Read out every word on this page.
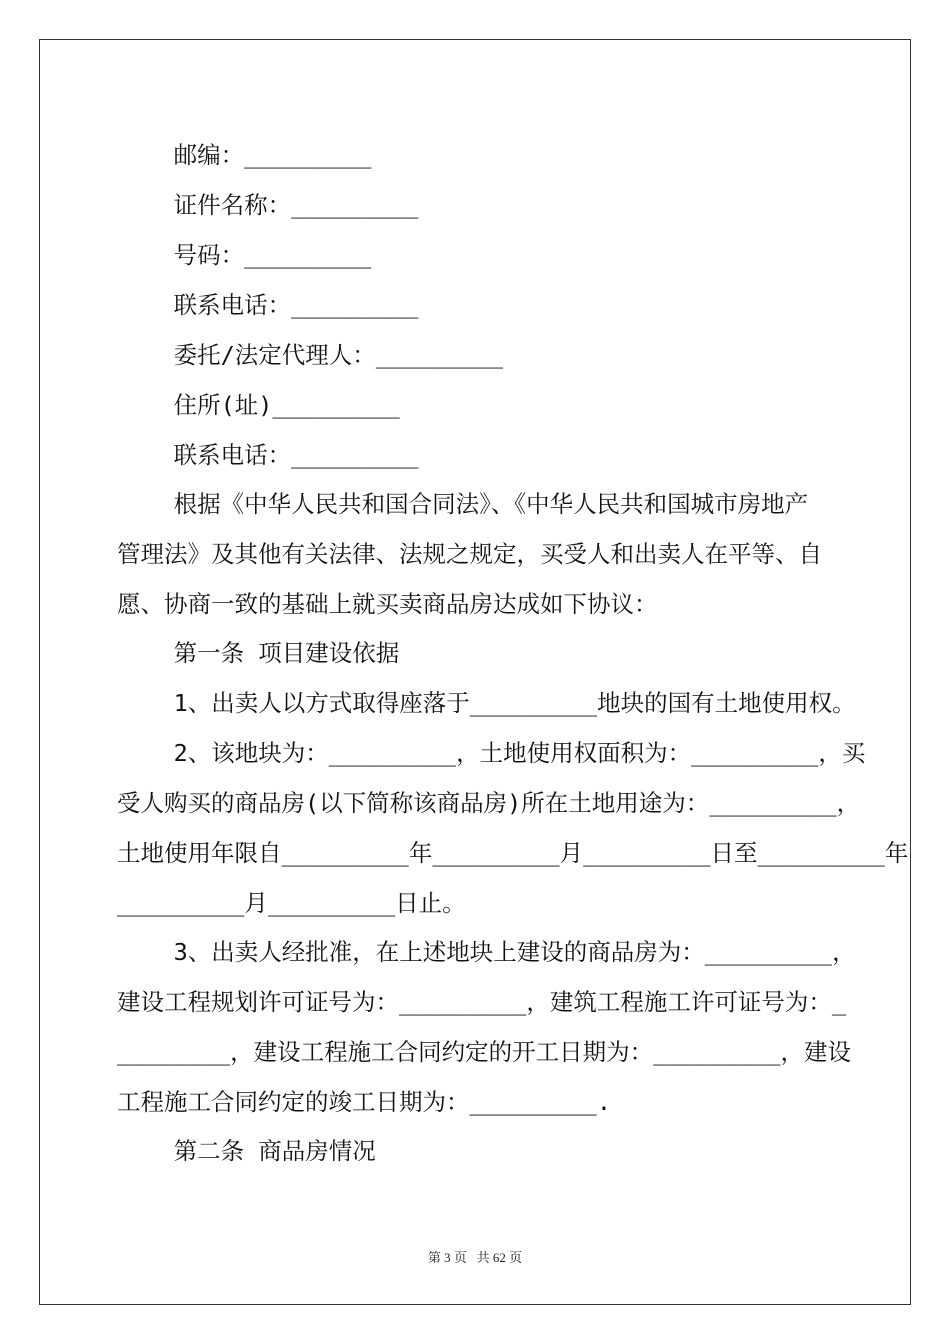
邮编：_________
证件名称：_________
号码：_________
联系电话：_________
委托/法定代理人：_________
住所(址)_________
联系电话：_________
根据《中华人民共和国合同法》、《中华人民共和国城市房地产
管理法》及其他有关法律、法规之规定，买受人和出卖人在平等、自
愿、协商一致的基础上就买卖商品房达成如下协议：
第一条 项目建设依据
1、出卖人以方式取得座落于_________地块的国有土地使用权。
2、该地块为：_________，土地使用权面积为：_________，买
受人购买的商品房(以下简称该商品房)所在土地用途为：_________，
土地使用年限自_________年_________月_________日至_________年
_________月_________日止。
3、出卖人经批准，在上述地块上建设的商品房为：_________，
建设工程规划许可证号为：_________，建筑工程施工许可证号为：_
________，建设工程施工合同约定的开工日期为：_________，建设
工程施工合同约定的竣工日期为：_________.
第二条 商品房情况
第 3 页 共 62 页
